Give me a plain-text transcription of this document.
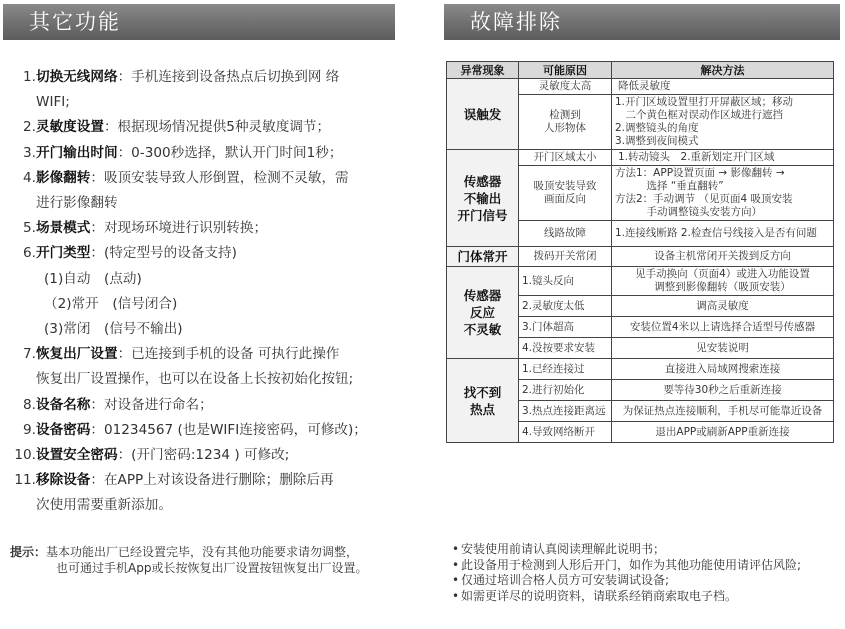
其它功能	故障排除
1.切换无线网络：手机连接到设备热点后切换到网 络
WIFI;
2.灵敏度设置：根据现场情况提供5种灵敏度调节；
3.开门输出时间：0-300秒选择，默认开门时间1秒；
4.影像翻转：吸顶安装导致人形倒置，检测不灵敏，需
进行影像翻转
5.场景模式：对现场环境进行识别转换；
6.开门类型：(特定型号的设备支持)
(1)自动　(点动)
（2)常开　(信号闭合)
(3)常闭　(信号不输出)
7.恢复出厂设置：已连接到手机的设备 可执行此操作
恢复出厂设置操作，也可以在设备上长按初始化按钮;
8.设备名称：对设备进行命名；
9.设备密码：01234567 (也是WIFI连接密码，可修改)；
10.设置安全密码：(开门密码:1234 ) 可修改;
11.移除设备：在APP上对该设备进行删除；删除后再
次使用需要重新添加。
提示：基本功能出厂已经设置完毕，没有其他功能要求请勿调整，
也可通过手机App或长按恢复出厂设置按钮恢复出厂设置。
异常现象	可能原因	解决方法
误触发	灵敏度太高	降低灵敏度
	检测到
人形物体	1.开门区域设置里打开屏蔽区域；移动
　二个黄色框对误动作区域进行遮挡
2.调整镜头的角度
3.调整到夜间模式
传感器
不输出
开门信号	开门区域太小	1.转动镜头　2.重新划定开门区域
	吸顶安装导致
画面反向	方法1：APP设置页面 → 影像翻转 →
　　　选择 “垂直翻转”
方法2：手动调节 （见页面4 吸顶安装
　　　手动调整镜头安装方向）
	线路故障	1.连接线断路 2.检查信号线接入是否有问题
门体常开	拨码开关常闭	设备主机常闭开关拨到反方向
传感器
反应
不灵敏	1.镜头反向	见手动换向（页面4）或进入功能设置
调整到影像翻转（吸顶安装）
	2.灵敏度太低	调高灵敏度
	3.门体超高	安装位置4米以上请选择合适型号传感器
	4.没按要求安装	见安装说明
找不到
热点	1.已经连接过	直接进入局域网搜索连接
	2.进行初始化	要等待30秒之后重新连接
	3.热点连接距离远	为保证热点连接顺利，手机尽可能靠近设备
	4.导致网络断开	退出APP或刷新APP重新连接
• 安装使用前请认真阅读理解此说明书；
• 此设备用于检测到人形后开门，如作为其他功能使用请评估风险;
• 仅通过培训合格人员方可安装调试设备;
• 如需更详尽的说明资料，请联系经销商索取电子档。
